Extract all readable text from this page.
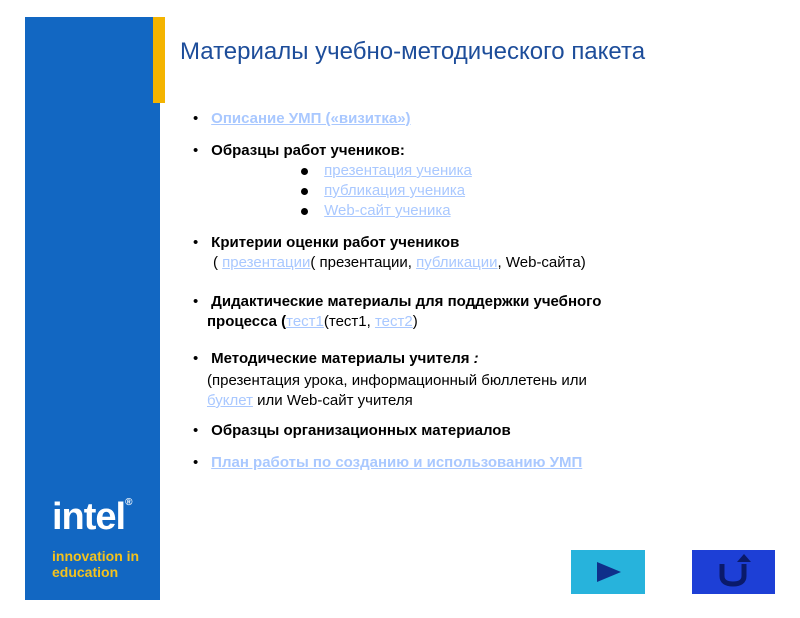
intel®
innovation in
education
Материалы учебно-методического пакета
• Описание УМП («визитка»)
• Образцы работ учеников:
презентация ученика
публикация ученика
Web-сайт ученика
• Критерии оценки работ учеников
( презентации( презентации, публикации, Web-сайта)
• Дидактические материалы для поддержки учебного
процесса (тест1(тест1, тест2)
• Методические материалы учителя :
(презентация урока, информационный бюллетень или
буклет или Web-сайт учителя
• Образцы организационных материалов
• План работы по созданию и использованию УМП
